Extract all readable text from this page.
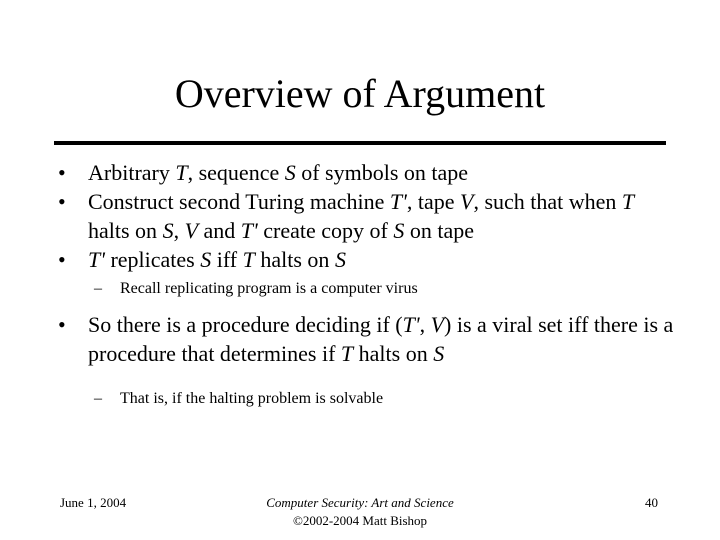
Overview of Argument

• Arbitrary T, sequence S of symbols on tape

• Construct second Turing machine T', tape V, such that when T halts on S, V and T' create copy of S on tape

• T' replicates S iff T halts on S

– Recall replicating program is a computer virus

• So there is a procedure deciding if (T', V) is a viral set iff there is a procedure that determines if T halts on S

– That is, if the halting problem is solvable

June 1, 2004	Computer Security: Art and Science
©2002-2004 Matt Bishop
40
